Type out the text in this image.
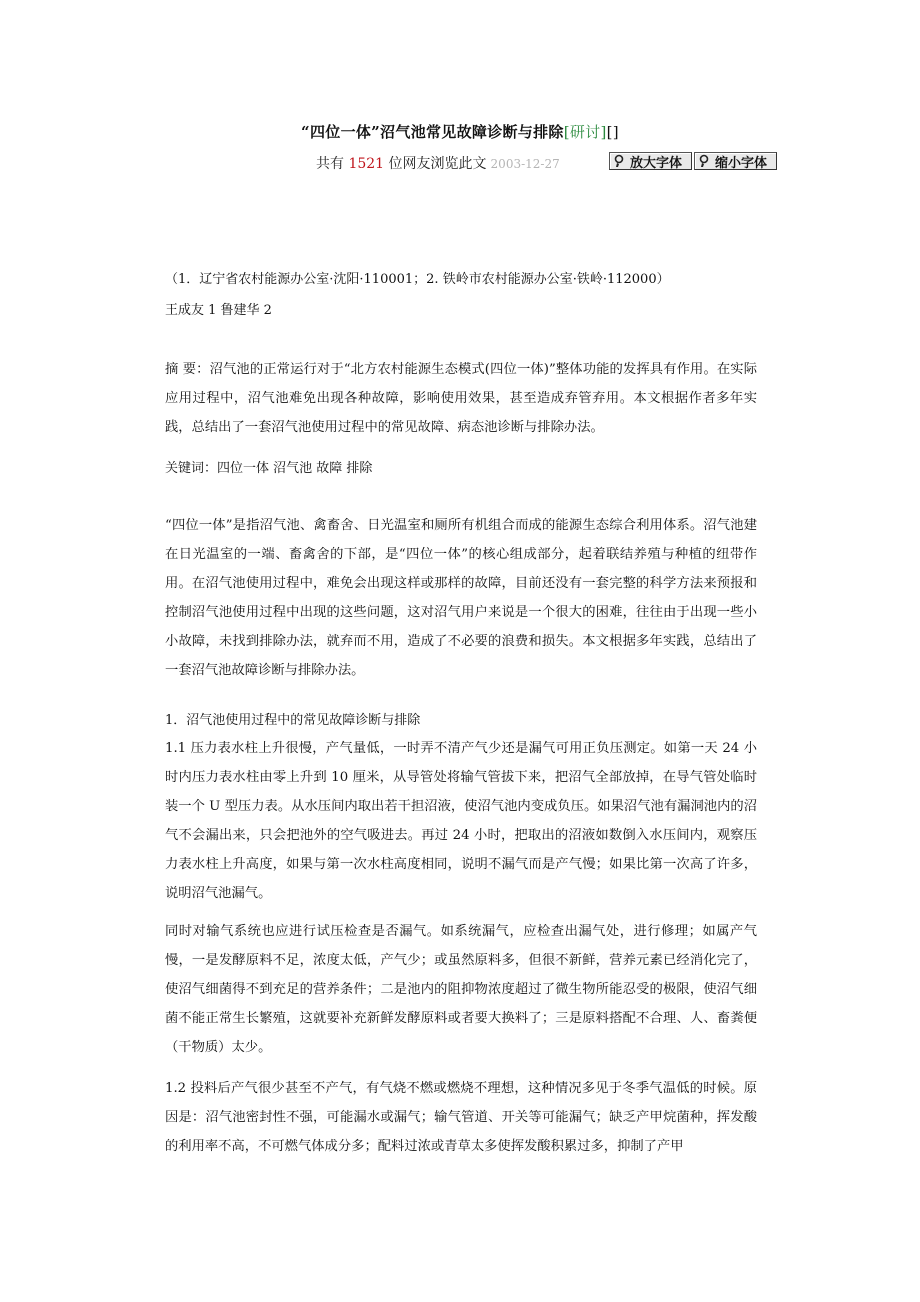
“四位一体”沼气池常见故障诊断与排除[研讨][]
共有 1521 位网友浏览此文 2003-12-27	放大字体	缩小字体
（1．辽宁省农村能源办公室·沈阳·110001；2. 铁岭市农村能源办公室·铁岭·112000）
王成友 1 鲁建华 2
摘 要：沼气池的正常运行对于“北方农村能源生态模式(四位一体)”整体功能的发挥具有作用。在实际应用过程中，沼气池难免出现各种故障，影响使用效果，甚至造成弃管弃用。本文根据作者多年实践，总结出了一套沼气池使用过程中的常见故障、病态池诊断与排除办法。
关键词：四位一体 沼气池 故障 排除
“四位一体”是指沼气池、禽畜舍、日光温室和厕所有机组合而成的能源生态综合利用体系。沼气池建在日光温室的一端、畜禽舍的下部，是“四位一体”的核心组成部分，起着联结养殖与种植的纽带作用。在沼气池使用过程中，难免会出现这样或那样的故障，目前还没有一套完整的科学方法来预报和控制沼气池使用过程中出现的这些问题，这对沼气用户来说是一个很大的困难，往往由于出现一些小小故障，未找到排除办法，就弃而不用，造成了不必要的浪费和损失。本文根据多年实践，总结出了一套沼气池故障诊断与排除办法。
1．沼气池使用过程中的常见故障诊断与排除
1.1 压力表水柱上升很慢，产气量低，一时弄不清产气少还是漏气可用正负压测定。如第一天 24 小时内压力表水柱由零上升到 10 厘米，从导管处将输气管拔下来，把沼气全部放掉，在导气管处临时装一个 U 型压力表。从水压间内取出若干担沼液，使沼气池内变成负压。如果沼气池有漏洞池内的沼气不会漏出来，只会把池外的空气吸进去。再过 24 小时，把取出的沼液如数倒入水压间内，观察压力表水柱上升高度，如果与第一次水柱高度相同，说明不漏气而是产气慢；如果比第一次高了许多，说明沼气池漏气。
同时对输气系统也应进行试压检查是否漏气。如系统漏气，应检查出漏气处，进行修理；如属产气慢，一是发酵原料不足，浓度太低，产气少；或虽然原料多，但很不新鲜，营养元素已经消化完了，使沼气细菌得不到充足的营养条件；二是池内的阻抑物浓度超过了微生物所能忍受的极限，使沼气细菌不能正常生长繁殖，这就要补充新鲜发酵原料或者要大换料了；三是原料搭配不合理、人、畜粪便（干物质）太少。
1.2 投料后产气很少甚至不产气，有气烧不燃或燃烧不理想，这种情况多见于冬季气温低的时候。原因是：沼气池密封性不强，可能漏水或漏气；输气管道、开关等可能漏气；缺乏产甲烷菌种，挥发酸的利用率不高，不可燃气体成分多；配料过浓或青草太多使挥发酸积累过多，抑制了产甲
